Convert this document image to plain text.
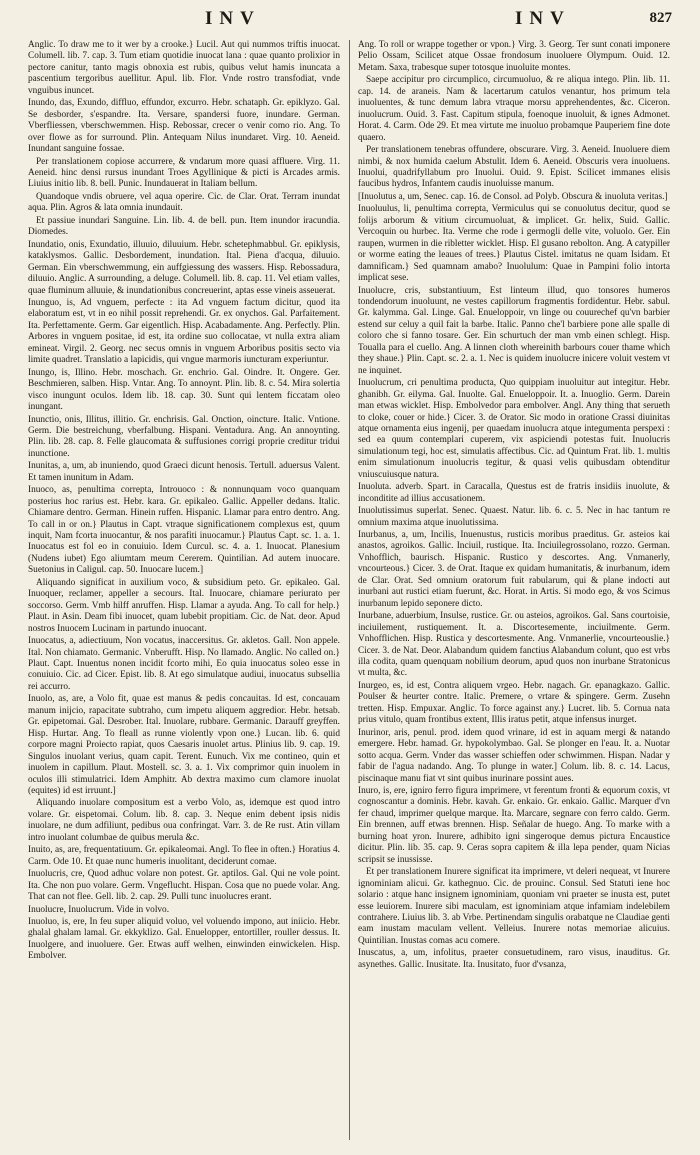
INV	INV	827

Anglic. To draw me to it wer by a crooke.} Lucil. Aut qui nummos triftis inuocat. Columell. lib. 7. cap. 3. Tum etiam quotidie inuocat lana : quae quanto prolixior in pectore canitur, tanto magis obnoxia est rubis, quibus velut hamis inuncata a pascentium tergoribus auellitur. Apul. lib. Flor. Vnde rostro transfodiat, vnde vnguibus inuncet.

Inundo, das, Exundo, diffluo, effundor, excurro. Hebr. schataph. Gr. epiklyzo. Gal. Se desborder, s'espandre. Ita. Versare, spandersi fuore, inundare. German. Vberfliessen, vberschwemmen. Hisp. Rebossar, crecer o venir como rio. Ang. To over flowe as for surround. Plin. Antequam Nilus inundaret. Virg. 10. Aeneid. Inundant sanguine fossae.

Per translationem copiose accurrere, & vndarum more quasi affluere. Virg. 11. Aeneid. hinc densi rursus inundant Troes Agyllinique & picti is Arcades armis. Liuius initio lib. 8. bell. Punic. Inundauerat in Italiam bellum.

Quandoque vndis obruere, vel aqua operire. Cic. de Clar. Orat. Terram inundat aqua. Plin. Agros & lata omnia inundauit.

Et passiue inundari Sanguine. Lin. lib. 4. de bell. pun. Item inundor iracundia. Diomedes.

Inundatio, onis, Exundatio, illuuio, diluuium. Hebr. schetephmabbul. Gr. epiklysis, kataklysmos. Gallic. Desbordement, inundation. Ital. Piena d'acqua, diluuio. German. Ein vberschwemmung, ein auffgiessung des wassers. Hisp. Rebossadura, diluuio. Anglic. A surrounding, a deluge. Columell. lib. 8. cap. 11. Vel etiam valles, quae fluminum alluuie, & inundationibus concreuerint, aptas esse vineis asseuerat.

Inunguo, is, Ad vnguem, perfecte : ita Ad vnguem factum dicitur, quod ita elaboratum est, vt in eo nihil possit reprehendi. Gr. ex onychos. Gal. Parfaitement. Ita. Perfettamente. Germ. Gar eigentlich. Hisp. Acabadamente. Ang. Perfectly. Plin. Arbores in vnguem positae, id est, ita ordine suo collocatae, vt nulla extra aliam emineat. Virgil. 2. Georg. nec secus omnis in vnguem Arboribus positis secto via limite quadret. Translatio a lapicidis, qui vngue marmoris iuncturam experiuntur.

Inungo, is, Illino. Hebr. moschach. Gr. enchrio. Gal. Oindre. It. Ongere. Ger. Beschmieren, salben. Hisp. Vntar. Ang. To annoynt. Plin. lib. 8. c. 54. Mira solertia visco inungunt oculos. Idem lib. 18. cap. 30. Sunt qui lentem ficcatam oleo inungant.

Inunctio, onis, Illitus, illitio. Gr. enchrisis. Gal. Onction, oincture. Italic. Vntione. Germ. Die bestreichung, vberfalbung. Hispani. Ventadura. Ang. An annoynting. Plin. lib. 28. cap. 8. Felle glaucomata & suffusiones corrigi proprie creditur tridui inunctione.

Inunitas, a, um, ab inuniendo, quod Graeci dicunt henosis. Tertull. aduersus Valent. Et tamen inunitum in Adam.

Inuoco, as, penultima correpta, Introuoco : & nonnunquam voco quanquam posterius hoc rarius est. Hebr. kara. Gr. epikaleo. Gallic. Appeller dedans. Italic. Chiamare dentro. German. Hinein ruffen. Hispanic. Llamar para entro dentro. Ang. To call in or on.} Plautus in Capt. vtraque significationem complexus est, quum inquit, Nam fcorta inuocantur, & nos parafiti inuocamur.} Plautus Capt. sc. 1. a. 1. Inuocatus est fol eo in conuiuio. Idem Curcul. sc. 4. a. 1. Inuocat. Planesium (Nudens iubet) Ego aliumtam meum Cererem. Quintilian. Ad autem inuocare. Suetonius in Caligul. cap. 50. Inuocare lucem.]

Aliquando significat in auxilium voco, & subsidium peto. Gr. epikaleo. Gal. Inuoquer, reclamer, appeller a secours. Ital. Inuocare, chiamare periurato per soccorso. Germ. Vmb hilff anruffen. Hisp. Llamar a ayuda. Ang. To call for help.} Plaut. in Asin. Deam fibi inuocet, quam lubebit propitiam. Cic. de Nat. deor. Apud nostros Inuocem Lucinam in partundo inuocant.

Inuocatus, a, adiectiuum, Non vocatus, inaccersitus. Gr. akletos. Gall. Non appele. Ital. Non chiamato. Germanic. Vnberufft. Hisp. No llamado. Anglic. No called on.} Plaut. Capt. Inuentus nonen incidit fcorto mihi, Eo quia inuocatus soleo esse in conuiuio. Cic. ad Cicer. Epist. lib. 8. At ego simulatque audiui, inuocatus subsellia rei accurro.

Inuolo, as, are, a Volo fit, quae est manus & pedis concauitas. Id est, concauam manum inijcio, rapacitate subtraho, cum impetu aliquem aggredior. Hebr. hetsab. Gr. epipetomai. Gal. Desrober. Ital. Inuolare, rubbare. Germanic. Darauff greyffen. Hisp. Hurtar. Ang. To fleall as runne violently vpon one.} Lucan. lib. 6. quid corpore magni Proiecto rapiat, quos Caesaris inuolet artus. Plinius lib. 9. cap. 19. Singulos inuolant verius, quam capit. Terent. Eunuch. Vix me contineo, quin et inuolem in capillum. Plaut. Mostell. sc. 3. a. 1. Vix comprimor quin inuolem in oculos illi stimulatrici. Idem Amphitr. Ab dextra maximo cum clamore inuolat (equites) id est irruunt.]

Aliquando inuolare compositum est a verbo Volo, as, idemque est quod intro volare. Gr. eispetomai. Colum. lib. 8. cap. 3. Neque enim debent ipsis nidis inuolare, ne dum adfiliunt, pedibus oua confringat. Varr. 3. de Re rust. Atin villam intro inuolant columbae de quibus merula &c.

Inuito, as, are, frequentatiuum. Gr. epikaleomai. Angl. To flee in often.} Horatius 4. Carm. Ode 10. Et quae nunc humeris inuolitant, deciderunt comae.

Inuolucris, cre, Quod adhuc volare non potest. Gr. aptilos. Gal. Qui ne vole point. Ita. Che non puo volare. Germ. Vngeflucht. Hispan. Cosa que no puede volar. Ang. That can not flee. Gell. lib. 2. cap. 29. Pulli tunc inuolucres erant.

Inuolucre, Inuolucrum. Vide in volvo.

Inuoluo, is, ere, In feu super aliquid voluo, vel voluendo impono, aut iniicio. Hebr. ghalal ghalam lamal. Gr. ekkyklizo. Gal. Enuelopper, entortiller, rouller dessus. It. Inuolgere, and inuoluere. Ger. Etwas auff welhen, einwinden einwickelen. Hisp. Embolver.

Ang. To roll or wrappe together or vpon.} Virg. 3. Georg. Ter sunt conati imponere Pelio Ossam, Scilicet atque Ossae frondosum inuoluere Olympum. Ouid. 12. Metam. Saxa, trabesque super totosque inuoluite montes.

Saepe accipitur pro circumplico, circumuoluo, & re aliqua intego. Plin. lib. 11. cap. 14. de araneis. Nam & lacertarum catulos venantur, hos primum tela inuoluentes, & tunc demum labra vtraque morsu apprehendentes, &c. Ciceron. inuolucrum. Ouid. 3. Fast. Capitum stipula, foenoque inuoluit, & ignes Admonet. Horat. 4. Carm. Ode 29. Et mea virtute me inuoluo probamque Pauperiem fine dote quaero.

Per translationem tenebras offundere, obscurare. Virg. 3. Aeneid. Inuoluere diem nimbi, & nox humida caelum Abstulit. Idem 6. Aeneid. Obscuris vera inuoluens. Inuolui, quadrifyllabum pro Inuolui. Ouid. 9. Epist. Scilicet immanes elisis faucibus hydros, Infantem caudis inuoluisse manum.

[Inuolutus a, um, Senec. cap. 16. de Consol. ad Polyb. Obscura & inuoluta veritas.]

Inuoluulus, li, penultima correpta, Vermiculus qui se conuolutus decitur, quod se folijs arborum & vitium circumuoluat, & implicet. Gr. helix, Suid. Gallic. Vercoquin ou hurbec. Ita. Verme che rode i germogli delle vite, voluolo. Ger. Ein raupen, wurmen in die ribletter wicklet. Hisp. El gusano rebolton. Ang. A catypiller or worme eating the leaues of trees.} Plautus Cistel. imitatus ne quam Isidam. Et damnificam.} Sed quamnam amabo? Inuolulum: Quae in Pampini folio intorta implicat sese.

Inuolucre, cris, substantiuum, Est linteum illud, quo tonsores humeros tondendorum inuoluunt, ne vestes capillorum fragmentis fordidentur. Hebr. sabul. Gr. kalymma. Gal. Linge. Gal. Enueloppoir, vn linge ou couurechef qu'vn barbier estend sur celuy a quil fait la barbe. Italic. Panno che'l barbiere pone alle spalle di coloro che si fanno tosare. Ger. Ein schurtuch der man vmb einen schlegt. Hisp. Toualla para el cuello. Ang. A linnen cloth whereinith barbours couer thame which they shaue.} Plin. Capt. sc. 2. a. 1. Nec is quidem inuolucre inicere voluit vestem vt ne inquinet.

Inuolucrum, cri penultima producta, Quo quippiam inuoluitur aut integitur. Hebr. ghanibh. Gr. eilyma. Gal. Inuolte. Gal. Enueloppoir. It. a. Inuoglio. Germ. Darein man etwas wicklet. Hisp. Embolvedor para embolver. Angl. Any thing that serueth to cloke, couer or hide.} Cicer. 3. de Orator. Sic modo in oratione Crassi diuinitas atque ornamenta eius ingenij, per quaedam inuolucra atque integumenta perspexi : sed ea quum contemplari cuperem, vix aspiciendi potestas fuit. Inuolucris simulationum tegi, hoc est, simulatis affectibus. Cic. ad Quintum Frat. lib. 1. multis enim simulationum inuolucris tegitur, & quasi velis quibusdam obtenditur vniuscuiusque natura.

Inuoluta. adverb. Spart. in Caracalla, Questus est de fratris insidiis inuolute, & inconditite ad illius accusationem.

Inuolutissimus superlat. Senec. Quaest. Natur. lib. 6. c. 5. Nec in hac tantum re omnium maxima atque inuolutissima.

Inurbanus, a, um, Incilis, Inuenustus, rusticis moribus praeditus. Gr. asteios kai anastos, agroikos. Gallic. Inciuil, rustique. Ita. Inciuilegrossolano, rozzo. German. Vnhofflich, baurisch. Hispanic. Rustico y descortes. Ang. Vnmanerly, vncourteous.} Cicer. 3. de Orat. Itaque ex quidam humanitatis, & inurbanum, idem de Clar. Orat. Sed omnium oratorum fuit rabularum, qui & plane indocti aut inurbani aut rustici etiam fuerunt, &c. Horat. in Artis. Si modo ego, & vos Scimus inurbanum lepido seponere dicto.

Inurbane, aduerbium, Insulse, rustice. Gr. ou asteios, agroikos. Gal. Sans courtoisie, inciuilement, rustiquement. It. a. Discortesemente, inciuilmente. Germ. Vnhofflichen. Hisp. Rustica y descortesmente. Ang. Vnmanerlie, vncourteouslie.} Cicer. 3. de Nat. Deor. Alabandum quidem fanctius Alabandum colunt, quo est vrbs illa codita, quam quenquam nobilium deorum, apud quos non inurbane Stratonicus vt multa, &c.

Inurgeo, es, id est, Contra aliquem vrgeo. Hebr. nagach. Gr. epanagkazo. Gallic. Poulser & heurter contre. Italic. Premere, o vrtare & spingere. Germ. Zusehn tretten. Hisp. Empuxar. Anglic. To force against any.} Lucret. lib. 5. Cornua nata prius vitulo, quam frontibus extent, Illis iratus petit, atque infensus inurget.

Inurinor, aris, penul. prod. idem quod vrinare, id est in aquam mergi & natando emergere. Hebr. hamad. Gr. hypokolymbao. Gal. Se plonger en l'eau. It. a. Nuotar sotto acqua. Germ. Vnder das wasser schieffen oder schwimmen. Hispan. Nadar y fabir de l'agua nadando. Ang. To plunge in water.] Colum. lib. 8. c. 14. Lacus, piscinaque manu fiat vt sint quibus inurinare possint aues.

Inuro, is, ere, igniro ferro figura imprimere, vt ferentum fronti & equorum coxis, vt cognoscantur a dominis. Hebr. kavah. Gr. enkaio. Gr. enkaio. Gallic. Marquer d'vn fer chaud, imprimer quelque marque. Ita. Marcare, segnare con ferro caldo. Germ. Ein brennen, auff etwas brennen. Hisp. Señalar de huego. Ang. To marke with a burning hoat yron. Inurere, adhibito igni singeroque demus pictura Encaustice dicitur. Plin. lib. 35. cap. 9. Ceras sopra capitem & illa lepa pender, quam Nicias scripsit se inussisse.

Et per translationem Inurere significat ita imprimere, vt deleri nequeat, vt Inurere ignominiam alicui. Gr. kathegnuo. Cic. de prouinc. Consul. Sed Statuti iene hoc solario : atque hanc insignem ignominiam, quoniam vni praeter se inusta est, putet esse leuiorem. Inurere sibi maculam, est ignominiam atque infamiam indelebilem contrahere. Liuius lib. 3. ab Vrbe. Pertinendam singulis orabatque ne Claudiae genti eam inustam maculam vellent. Velleius. Inurere notas memoriae alicuius. Quintilian. Inustas comas acu comere.

Inuscatus, a, um, infolitus, praeter consuetudinem, raro visus, inauditus. Gr. asynethes. Gallic. Inusitate. Ita. Inusitato, fuor d'vsanza,
